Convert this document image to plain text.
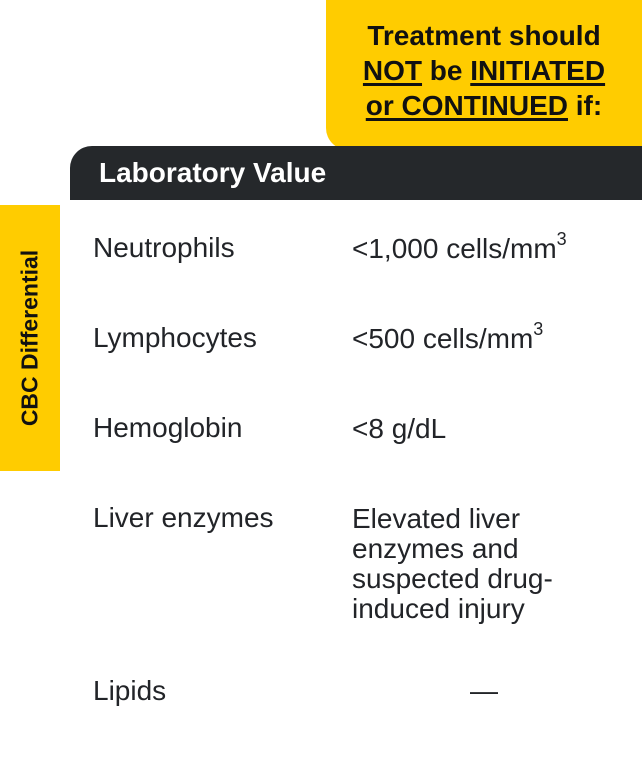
Treatment should
NOT be INITIATED
or CONTINUED if:
Laboratory Value
CBC Differential
Neutrophils	<1,000 cells/$mm^3$
Lymphocytes	<500 cells/$mm^3$
Hemoglobin	<8 g/dL
Liver enzymes	Elevated liver
enzymes and
suspected drug-
induced injury
Lipids	—
